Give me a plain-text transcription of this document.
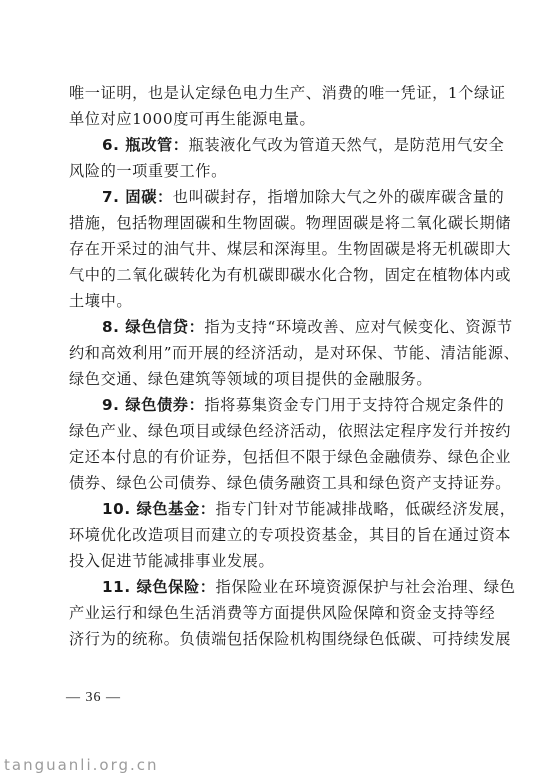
唯一证明，也是认定绿色电力生产、消费的唯一凭证，1个绿证
单位对应1000度可再生能源电量。
6. 瓶改管：瓶装液化气改为管道天然气，是防范用气安全
风险的一项重要工作。
7. 固碳：也叫碳封存，指增加除大气之外的碳库碳含量的
措施，包括物理固碳和生物固碳。物理固碳是将二氧化碳长期储
存在开采过的油气井、煤层和深海里。生物固碳是将无机碳即大
气中的二氧化碳转化为有机碳即碳水化合物，固定在植物体内或
土壤中。
8. 绿色信贷：指为支持“环境改善、应对气候变化、资源节
约和高效利用”而开展的经济活动，是对环保、节能、清洁能源、
绿色交通、绿色建筑等领域的项目提供的金融服务。
9. 绿色债券：指将募集资金专门用于支持符合规定条件的
绿色产业、绿色项目或绿色经济活动，依照法定程序发行并按约
定还本付息的有价证券，包括但不限于绿色金融债券、绿色企业
债券、绿色公司债券、绿色债务融资工具和绿色资产支持证券。
10. 绿色基金：指专门针对节能减排战略，低碳经济发展，
环境优化改造项目而建立的专项投资基金，其目的旨在通过资本
投入促进节能减排事业发展。
11. 绿色保险：指保险业在环境资源保护与社会治理、绿色
产业运行和绿色生活消费等方面提供风险保障和资金支持等经
济行为的统称。负债端包括保险机构围绕绿色低碳、可持续发展
— 36 —
tanguanli.org.cn
